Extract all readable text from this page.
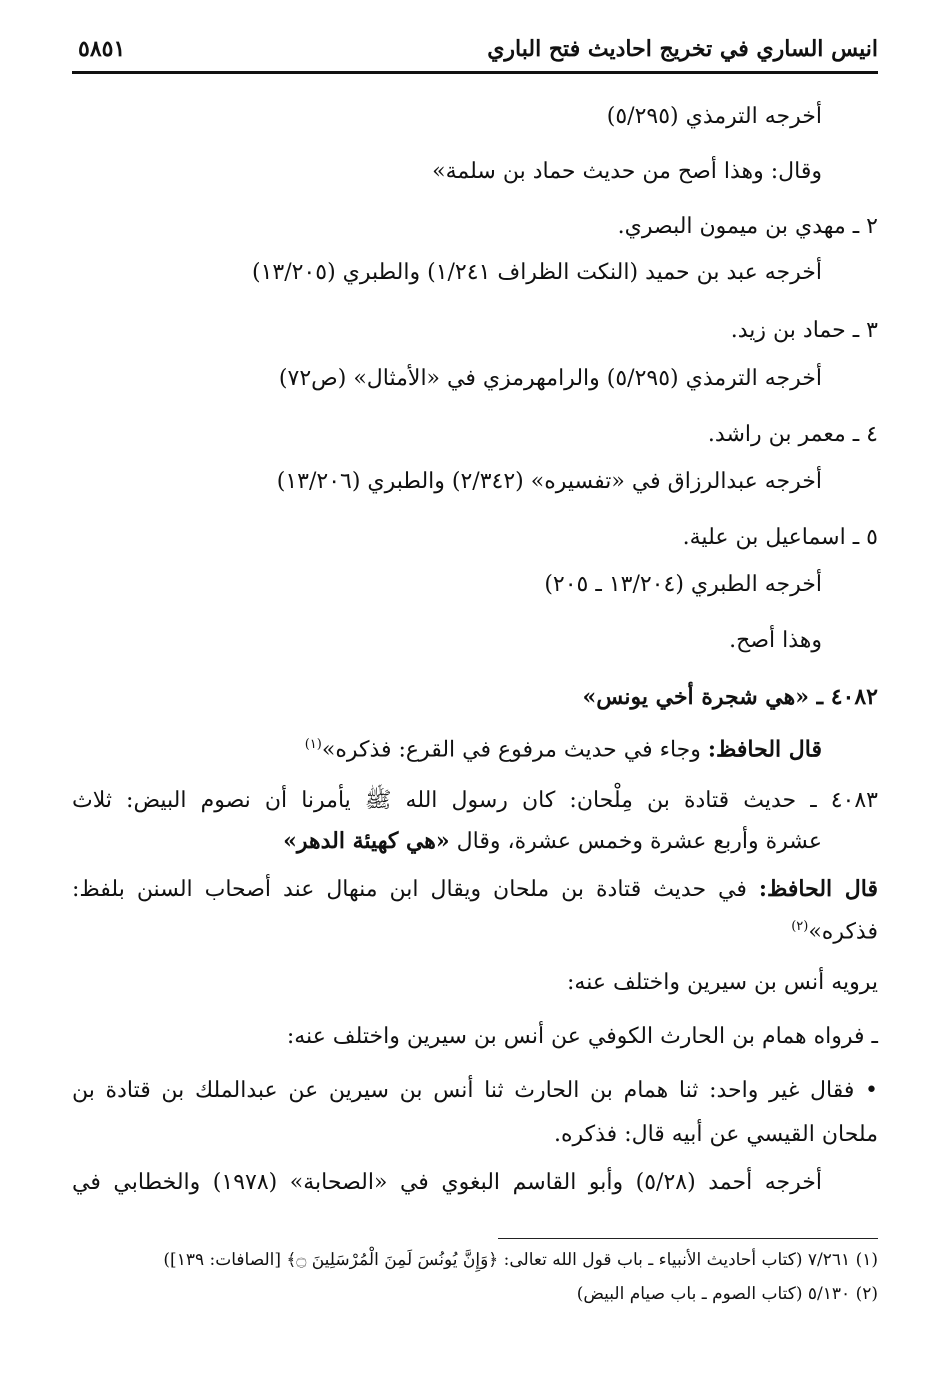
انيس الساري في تخريج احاديث فتح الباري
٥٨٥١
أخرجه الترمذي (٥/٢٩٥)
وقال: وهذا أصح من حديث حماد بن سلمة»
٢ ـ مهدي بن ميمون البصري.
أخرجه عبد بن حميد (النكت الظراف ١/٢٤١) والطبري (١٣/٢٠٥)
٣ ـ حماد بن زيد.
أخرجه الترمذي (٥/٢٩٥) والرامهرمزي في «الأمثال» (ص٧٢)
٤ ـ معمر بن راشد.
أخرجه عبدالرزاق في «تفسيره» (٢/٣٤٢) والطبري (١٣/٢٠٦)
٥ ـ اسماعيل بن علية.
أخرجه الطبري (١٣/٢٠٤ ـ ٢٠٥)
وهذا أصح.
٤٠٨٢ ـ «هي شجرة أخي يونس»
قال الحافظ: وجاء في حديث مرفوع في القرع: فذكره»$^{(١)}$
٤٠٨٣ ـ حديث قتادة بن مِلْحان: كان رسول الله ﷺ يأمرنا أن نصوم البيض: ثلاث
عشرة وأربع عشرة وخمس عشرة، وقال «هي كهيئة الدهر»
قال الحافظ: في حديث قتادة بن ملحان ويقال ابن منهال عند أصحاب السنن بلفظ:
فذكره»$^{(٢)}$
يرويه أنس بن سيرين واختلف عنه:
ـ فرواه همام بن الحارث الكوفي عن أنس بن سيرين واختلف عنه:
• فقال غير واحد: ثنا همام بن الحارث ثنا أنس بن سيرين عن عبدالملك بن قتادة بن
ملحان القيسي عن أبيه قال: فذكره.
أخرجه أحمد (٥/٢٨) وأبو القاسم البغوي في «الصحابة» (١٩٧٨) والخطابي في
(١) ٧/٢٦١ (كتاب أحاديث الأنبياء ـ باب قول الله تعالى: ﴿وَإِنَّ يُونُسَ لَمِنَ الْمُرْسَلِينَ ۝﴾ [الصافات: ١٣٩])
(٢) ٥/١٣٠ (كتاب الصوم ـ باب صيام البيض)
